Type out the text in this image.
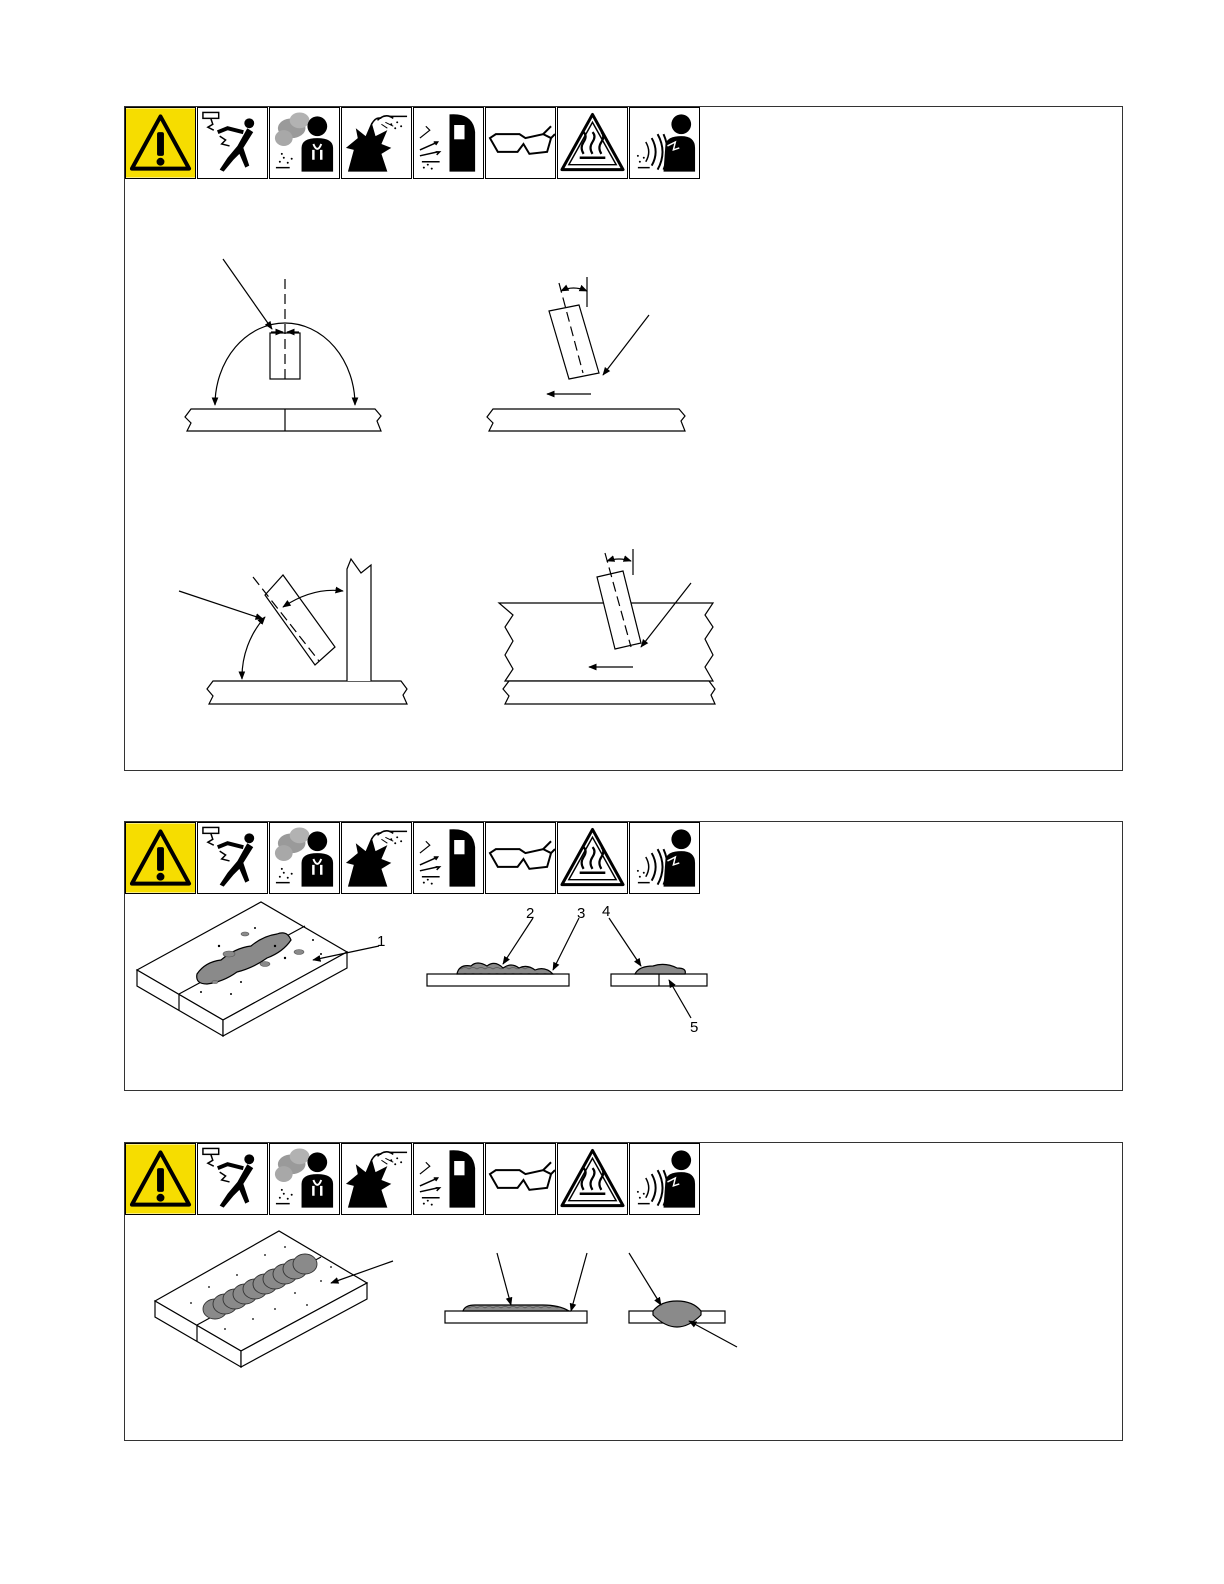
1
2	3 4
5
